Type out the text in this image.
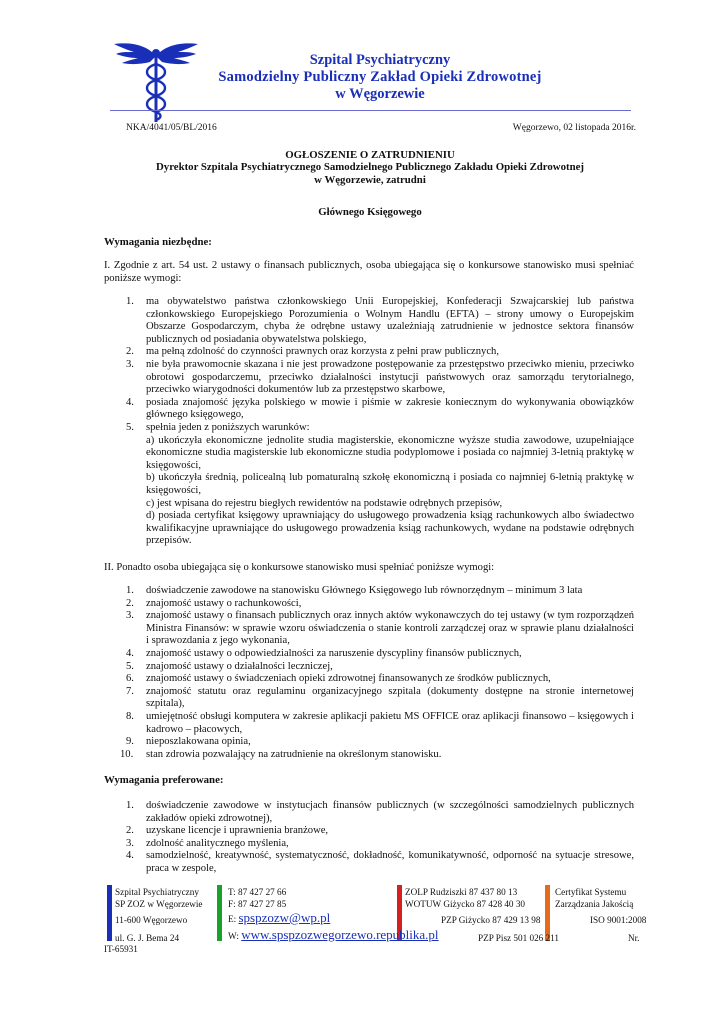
Szpital Psychiatryczny
Samodzielny Publiczny Zakład Opieki Zdrowotnej
w Węgorzewie
NKA/4041/05/BL/2016	Węgorzewo, 02 listopada 2016r.
OGŁOSZENIE O ZATRUDNIENIU
Dyrektor Szpitala Psychiatrycznego Samodzielnego Publicznego Zakładu Opieki Zdrowotnej
w Węgorzewie, zatrudni
Głównego Księgowego
Wymagania niezbędne:
I. Zgodnie z art. 54 ust. 2 ustawy o finansach publicznych, osoba ubiegająca się o konkursowe stanowisko musi spełniać poniższe wymogi:
1. ma obywatelstwo państwa członkowskiego Unii Europejskiej, Konfederacji Szwajcarskiej lub państwa członkowskiego Europejskiego Porozumienia o Wolnym Handlu (EFTA) – strony umowy o Europejskim Obszarze Gospodarczym, chyba że odrębne ustawy uzależniają zatrudnienie w jednostce sektora finansów publicznych od posiadania obywatelstwa polskiego,
2. ma pełną zdolność do czynności prawnych oraz korzysta z pełni praw publicznych,
3. nie była prawomocnie skazana i nie jest prowadzone postępowanie za przestępstwo przeciwko mieniu, przeciwko obrotowi gospodarczemu, przeciwko działalności instytucji państwowych oraz samorządu terytorialnego, przeciwko wiarygodności dokumentów lub za przestępstwo skarbowe,
4. posiada znajomość języka polskiego w mowie i piśmie w zakresie koniecznym do wykonywania obowiązków głównego księgowego,
5. spełnia jeden z poniższych warunków:
a) ukończyła ekonomiczne jednolite studia magisterskie, ekonomiczne wyższe studia zawodowe, uzupełniające ekonomiczne studia magisterskie lub ekonomiczne studia podyplomowe i posiada co najmniej 3-letnią praktykę w księgowości,
b) ukończyła średnią, policealną lub pomaturalną szkołę ekonomiczną i posiada co najmniej 6-letnią praktykę w księgowości,
c) jest wpisana do rejestru biegłych rewidentów na podstawie odrębnych przepisów,
d) posiada certyfikat księgowy uprawniający do usługowego prowadzenia ksiąg rachunkowych albo świadectwo kwalifikacyjne uprawniające do usługowego prowadzenia ksiąg rachunkowych, wydane na podstawie odrębnych przepisów.
II. Ponadto osoba ubiegająca się o konkursowe stanowisko musi spełniać poniższe wymogi:
1. doświadczenie zawodowe na stanowisku Głównego Księgowego lub równorzędnym – minimum 3 lata
2. znajomość ustawy o rachunkowości,
3. znajomość ustawy o finansach publicznych oraz innych aktów wykonawczych do tej ustawy (w tym rozporządzeń Ministra Finansów: w sprawie wzoru oświadczenia o stanie kontroli zarządczej oraz w sprawie planu działalności i sprawozdania z jego wykonania,
4. znajomość ustawy o odpowiedzialności za naruszenie dyscypliny finansów publicznych,
5. znajomość ustawy o działalności leczniczej,
6. znajomość ustawy o świadczeniach opieki zdrowotnej finansowanych ze środków publicznych,
7. znajomość statutu oraz regulaminu organizacyjnego szpitala (dokumenty dostępne na stronie internetowej szpitala),
8. umiejętność obsługi komputera w zakresie aplikacji pakietu MS OFFICE oraz aplikacji finansowo – księgowych i kadrowo – płacowych,
9. nieposzlakowana opinia,
10. stan zdrowia pozwalający na zatrudnienie na określonym stanowisku.
Wymagania preferowane:
1. doświadczenie zawodowe w instytucjach finansów publicznych (w szczególności samodzielnych publicznych zakładów opieki zdrowotnej),
2. uzyskane licencje i uprawnienia branżowe,
3. zdolność analitycznego myślenia,
4. samodzielność, kreatywność, systematyczność, dokładność, komunikatywność, odporność na sytuacje stresowe, praca w zespole,
Szpital Psychiatryczny
SP ZOZ w Węgorzewie
11-600 Węgorzewo
ul. G. J. Bema 24
IT-65931
T: 87 427 27 66
F: 87 427 27 85
E: spspzozw@wp.pl
W: www.spspzozwegorzewo.republika.pl
ZOLP Rudziszki 87 437 80 13
WOTUW Giżycko 87 428 40 30
PZP Giżycko 87 429 13 98
PZP Pisz 501 026 211
Certyfikat Systemu
Zarządzania Jakością
ISO 9001:2008
Nr.
